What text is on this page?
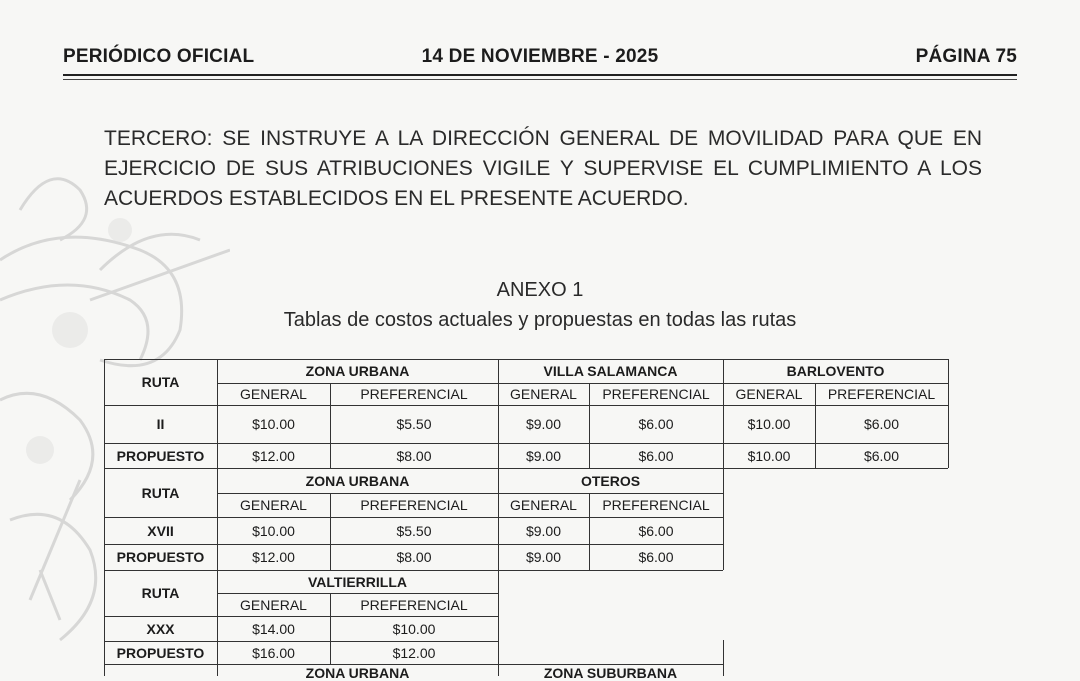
PERIÓDICO OFICIAL	14 DE NOVIEMBRE - 2025	PÁGINA 75

TERCERO: SE INSTRUYE A LA DIRECCIÓN GENERAL DE MOVILIDAD PARA QUE EN EJERCICIO DE SUS ATRIBUCIONES VIGILE Y SUPERVISE EL CUMPLIMIENTO A LOS ACUERDOS ESTABLECIDOS EN EL PRESENTE ACUERDO.

ANEXO 1
Tablas de costos actuales y propuestas en todas las rutas
RUTA
ZONA URBANA	VILLA SALAMANCA	BARLOVENTO
GENERAL	PREFERENCIAL	GENERAL	PREFERENCIAL	GENERAL	PREFERENCIAL
II	$10.00	$5.50	$9.00	$6.00	$10.00	$6.00
PROPUESTO	$12.00	$8.00	$9.00	$6.00	$10.00	$6.00
RUTA
ZONA URBANA	OTEROS
GENERAL	PREFERENCIAL	GENERAL	PREFERENCIAL
XVII	$10.00	$5.50	$9.00	$6.00
PROPUESTO	$12.00	$8.00	$9.00	$6.00
RUTA
VALTIERRILLA
GENERAL	PREFERENCIAL
XXX	$14.00	$10.00
PROPUESTO	$16.00	$12.00
ZONA URBANA	ZONA SUBURBANA
